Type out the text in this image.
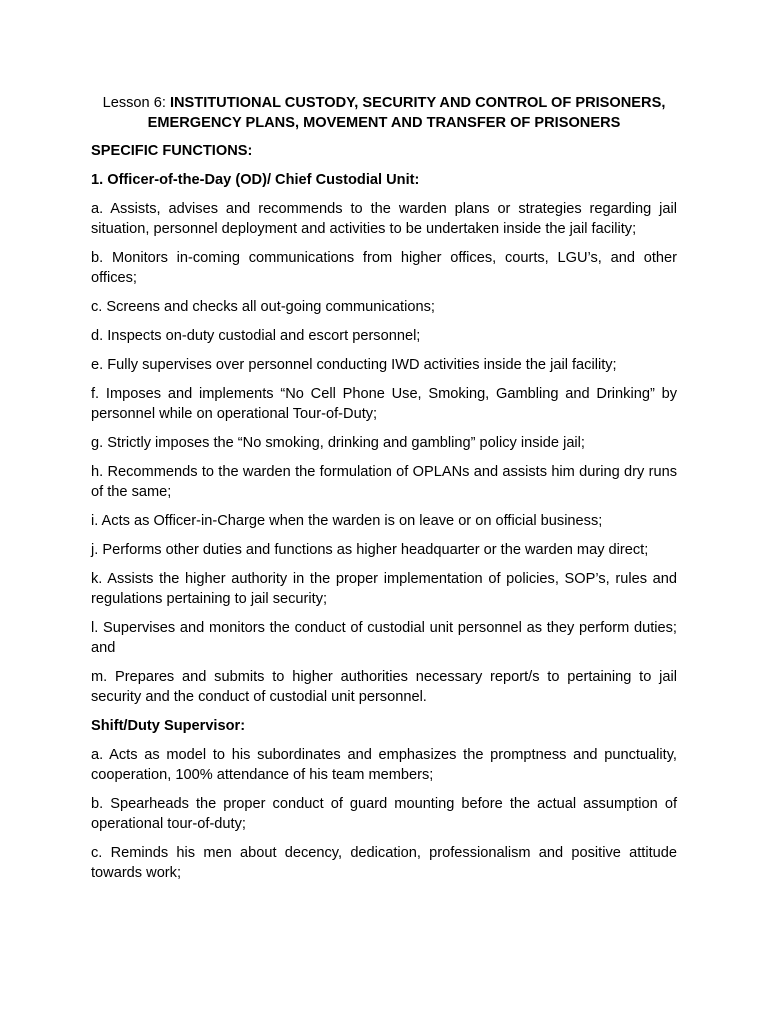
Lesson 6: INSTITUTIONAL CUSTODY, SECURITY AND CONTROL OF PRISONERS,
EMERGENCY PLANS, MOVEMENT AND TRANSFER OF PRISONERS
SPECIFIC FUNCTIONS:
1. Officer-of-the-Day (OD)/ Chief Custodial Unit:
a. Assists, advises and recommends to the warden plans or strategies regarding jail situation, personnel deployment and activities to be undertaken inside the jail facility;
b. Monitors in-coming communications from higher offices, courts, LGU’s, and other offices;
c. Screens and checks all out-going communications;
d. Inspects on-duty custodial and escort personnel;
e. Fully supervises over personnel conducting IWD activities inside the jail facility;
f. Imposes and implements “No Cell Phone Use, Smoking, Gambling and Drinking” by personnel while on operational Tour-of-Duty;
g. Strictly imposes the “No smoking, drinking and gambling” policy inside jail;
h. Recommends to the warden the formulation of OPLANs and assists him during dry runs of the same;
i. Acts as Officer-in-Charge when the warden is on leave or on official business;
j. Performs other duties and functions as higher headquarter or the warden may direct;
k. Assists the higher authority in the proper implementation of policies, SOP’s, rules and regulations pertaining to jail security;
l. Supervises and monitors the conduct of custodial unit personnel as they perform duties; and
m. Prepares and submits to higher authorities necessary report/s to pertaining to jail security and the conduct of custodial unit personnel.
Shift/Duty Supervisor:
a. Acts as model to his subordinates and emphasizes the promptness and punctuality, cooperation, 100% attendance of his team members;
b. Spearheads the proper conduct of guard mounting before the actual assumption of operational tour-of-duty;
c. Reminds his men about decency, dedication, professionalism and positive attitude towards work;
